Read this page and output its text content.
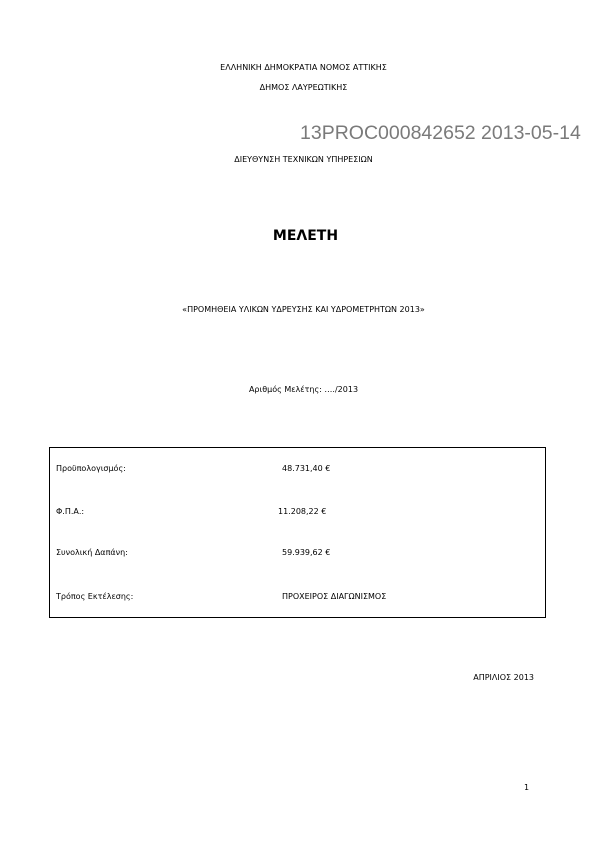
ΕΛΛΗΝΙΚΗ ΔΗΜΟΚΡΑΤΙΑ ΝΟΜΟΣ ΑΤΤΙΚΗΣ
ΔΗΜΟΣ ΛΑΥΡΕΩΤΙΚΗΣ
13PROC000842652 2013-05-14
ΔΙΕΥΘΥΝΣΗ ΤΕΧΝΙΚΩΝ ΥΠΗΡΕΣΙΩΝ
ΜΕΛΕΤΗ
«ΠΡΟΜΗΘΕΙΑ ΥΛΙΚΩΝ ΥΔΡΕΥΣΗΣ ΚΑΙ ΥΔΡΟΜΕΤΡΗΤΩΝ 2013»
Αριθμός Μελέτης: …./2013
Προϋπολογισμός:	48.731,40 €
Φ.Π.Α.:	11.208,22 €
Συνολική Δαπάνη:	59.939,62 €
Τρόπος Εκτέλεσης:	ΠΡΟΧΕΙΡΟΣ ΔΙΑΓΩΝΙΣΜΟΣ
ΑΠΡΙΛΙΟΣ 2013
1
